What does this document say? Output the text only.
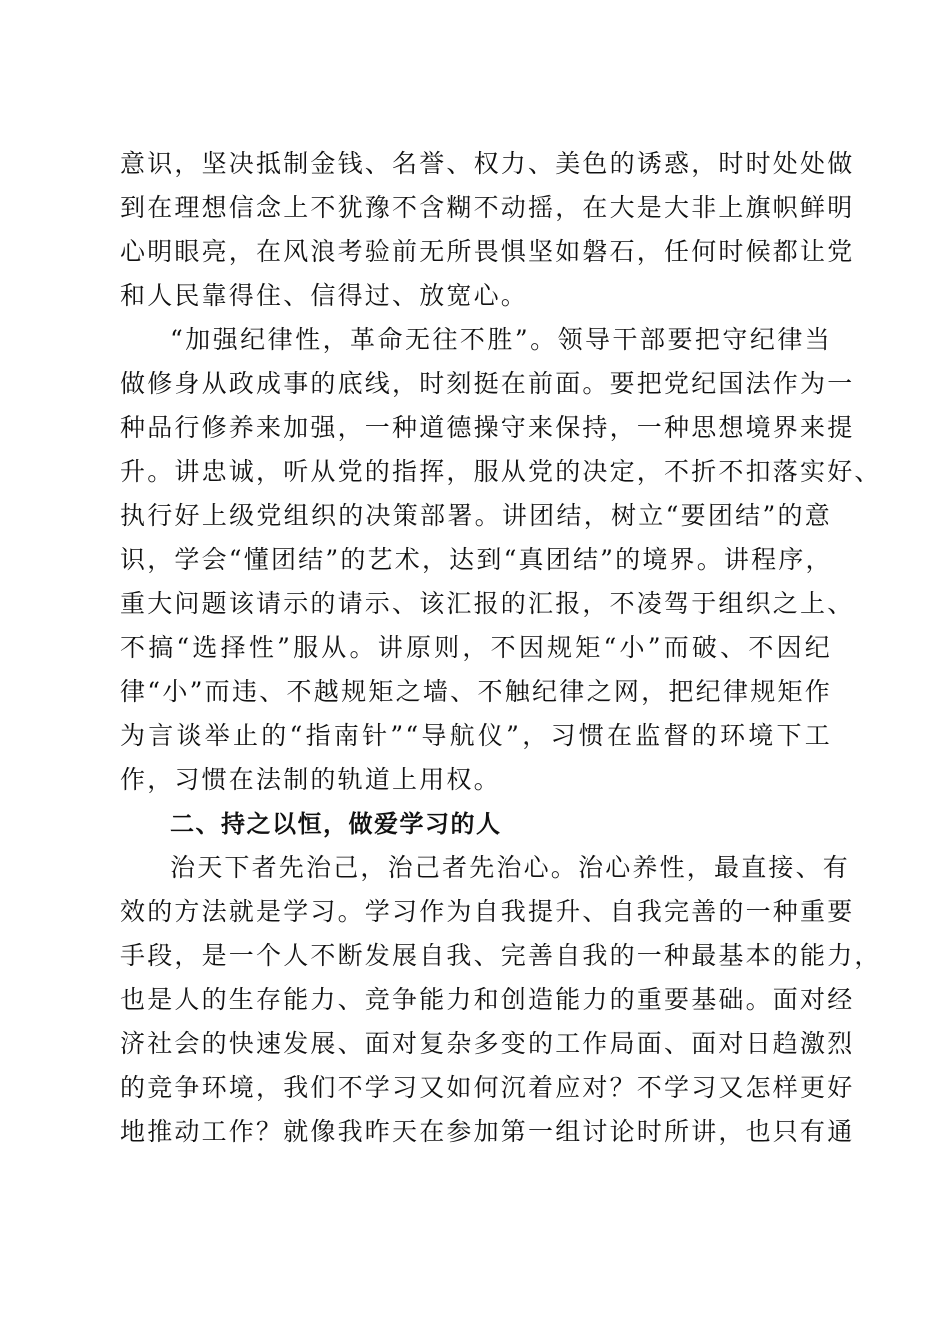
意识，坚决抵制金钱、名誉、权力、美色的诱惑，时时处处做
到在理想信念上不犹豫不含糊不动摇，在大是大非上旗帜鲜明
心明眼亮，在风浪考验前无所畏惧坚如磐石，任何时候都让党
和人民靠得住、信得过、放宽心。
“加强纪律性，革命无往不胜”。领导干部要把守纪律当
做修身从政成事的底线，时刻挺在前面。要把党纪国法作为一
种品行修养来加强，一种道德操守来保持，一种思想境界来提
升。讲忠诚，听从党的指挥，服从党的决定，不折不扣落实好、
执行好上级党组织的决策部署。讲团结，树立“要团结”的意
识，学会“懂团结”的艺术，达到“真团结”的境界。讲程序，
重大问题该请示的请示、该汇报的汇报，不凌驾于组织之上、
不搞“选择性”服从。讲原则，不因规矩“小”而破、不因纪
律“小”而违、不越规矩之墙、不触纪律之网，把纪律规矩作
为言谈举止的“指南针”“导航仪”，习惯在监督的环境下工
作，习惯在法制的轨道上用权。
二、持之以恒，做爱学习的人
治天下者先治己，治己者先治心。治心养性，最直接、有
效的方法就是学习。学习作为自我提升、自我完善的一种重要
手段，是一个人不断发展自我、完善自我的一种最基本的能力，
也是人的生存能力、竞争能力和创造能力的重要基础。面对经
济社会的快速发展、面对复杂多变的工作局面、面对日趋激烈
的竞争环境，我们不学习又如何沉着应对？不学习又怎样更好
地推动工作？就像我昨天在参加第一组讨论时所讲，也只有通
